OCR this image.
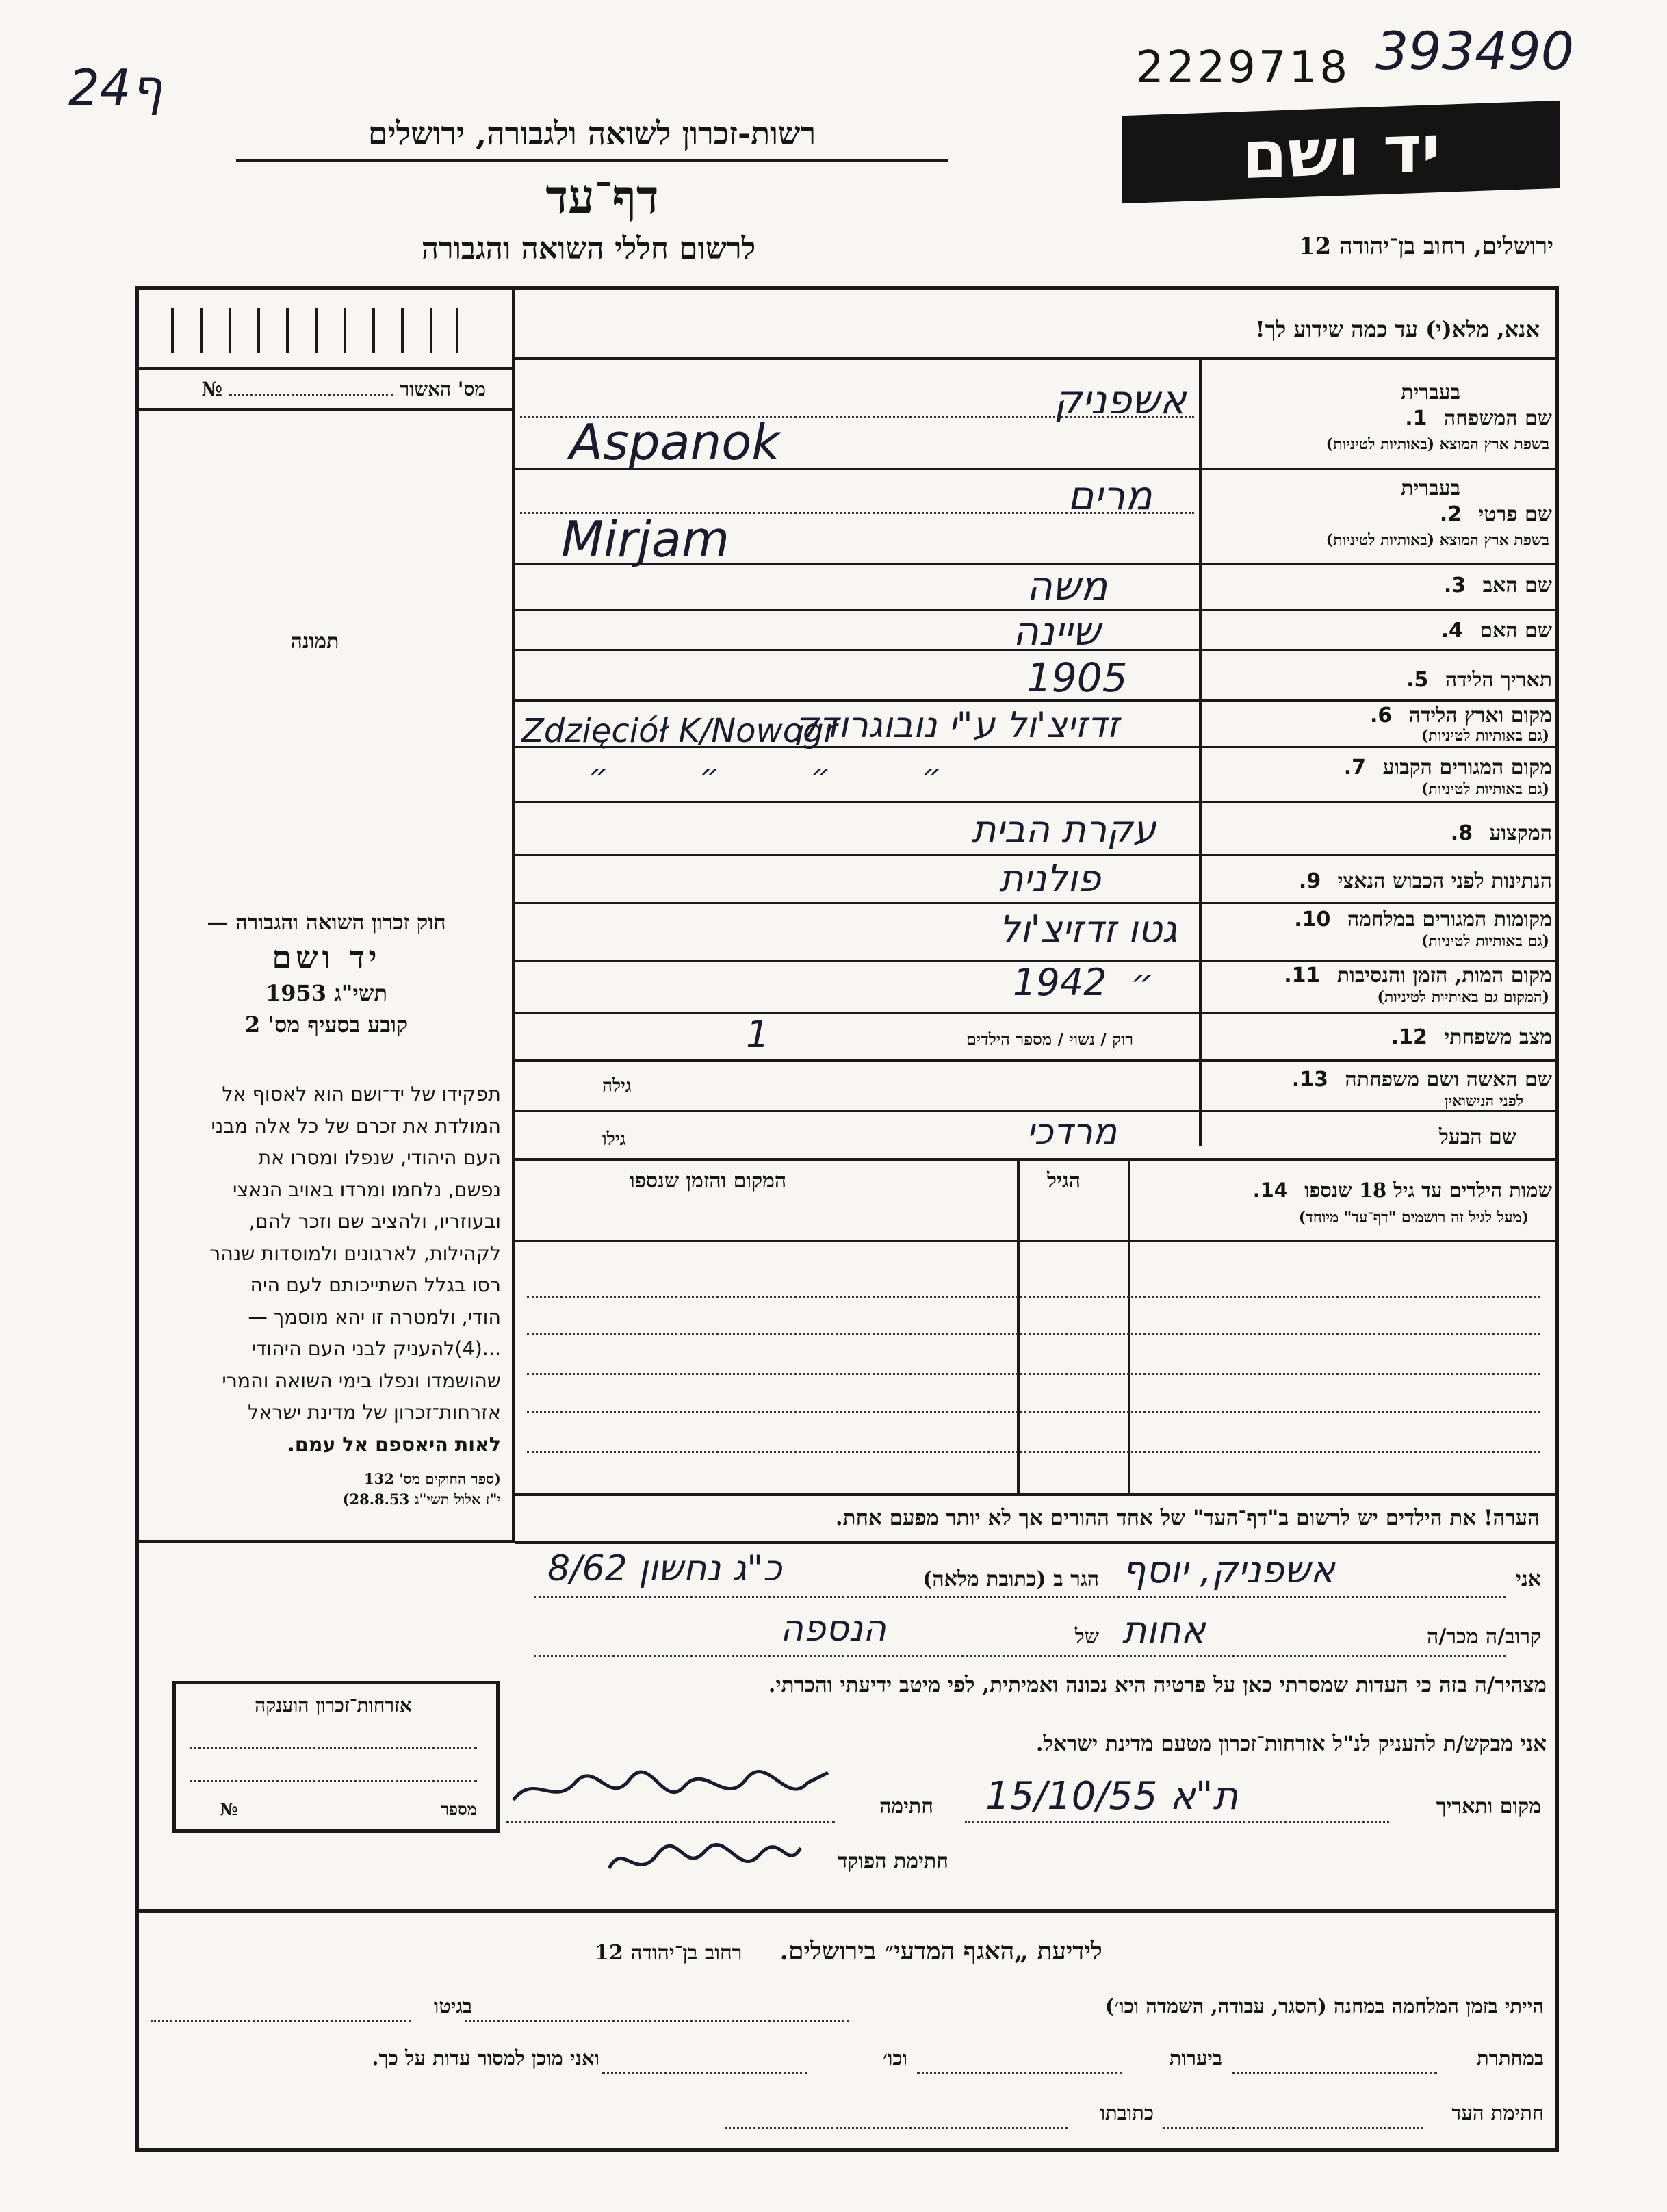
24ף
רשות-זכרון לשואה ולגבורה, ירושלים
דף־עד
לרשום חללי השואה והגבורה
2229718 393490
יד ושם
ירושלים, רחוב בן־יהודה 12
מס' האשור  №
תמונה
חוק זכרון השואה והגבורה —
יד ושם
תשי"ג 1953
קובע בסעיף מס' 2
תפקידו של יד־ושם הוא לאסוף אל
המולדת את זכרם של כל אלה מבני
העם היהודי, שנפלו ומסרו את
נפשם, נלחמו ומרדו באויב הנאצי
ובעוזריו, ולהציב שם וזכר להם,
לקהילות, לארגונים ולמוסדות שנהר
רסו בגלל השתייכותם לעם היה
הודי, ולמטרה זו יהא מוסמך —
...(4)להעניק לבני העם היהודי
שהושמדו ונפלו בימי השואה והמרי
אזרחות־זכרון של מדינת ישראל
לאות היאספם אל עמם.
(ספר החוקים מס' 132
י"ז אלול תשי"ג 28.8.53)
אנא, מלא(י) עד כמה שידוע לך!
בעברית
שם המשפחה 1.
בשפת ארץ המוצא (באותיות לטיניות)
אשפניק
Aspanok
בעברית
שם פרטי 2.
בשפת ארץ המוצא (באותיות לטיניות)
מרים
Mirjam
שם האב 3.
משה
שם האם 4.
שיינה
תאריך הלידה 5.
1905
מקום וארץ הלידה 6.
(גם באותיות לטיניות)
זדזיצ'ול ע"י נובוגרודק
Zdzięciół K/Nowogr
מקום המגורים הקבוע 7.
(גם באותיות לטיניות)
״ ״ ״ ״
המקצוע 8.
עקרת הבית
הנתינות לפני הכבוש הנאצי 9.
פולנית
מקומות המגורים במלחמה 10.
(גם באותיות לטיניות)
גטו זדזיצ'ול
מקום המות, הזמן והנסיבות 11.
(המקום גם באותיות לטיניות)
1942  ״
מצב משפחתי 12.
רוק / נשוי / מספר הילדים
1
שם האשה ושם משפחתה 13.
לפני הנישואין
גילה
שם הבעל
מרדכי
גילו
שמות הילדים עד גיל 18 שנספו 14.
(מעל לגיל זה רושמים "דף־עד" מיוחד)
הגיל
המקום והזמן שנספו
הערה! את הילדים יש לרשום ב"דף־העד" של אחד ההורים אך לא יותר מפעם אחת.
אני
אשפניק, יוסף
הגר ב (כתובת מלאה)
כ"ג נחשון 8/62
קרוב/ה מכר/ה
אחות
של
הנספה
מצהיר/ה בזה כי העדות שמסרתי כאן על פרטיה היא נכונה ואמיתית, לפי מיטב ידיעתי והכרתי.
אני מבקש/ת להעניק לנ"ל אזרחות־זכרון מטעם מדינת ישראל.
מקום ותאריך
ת"א 15/10/55
חתימה
חתימת הפוקד
אזרחות־זכרון הוענקה
מספר  №
לידיעת „האגף המדעי״ בירושלים.  רחוב בן־יהודה 12
הייתי בזמן המלחמה במחנה (הסגר, עבודה, השמדה וכו׳)
בגיטו
במחתרת
ביערות
וכו׳
ואני מוכן למסור עדות על כך.
חתימת העד
כתובתו
